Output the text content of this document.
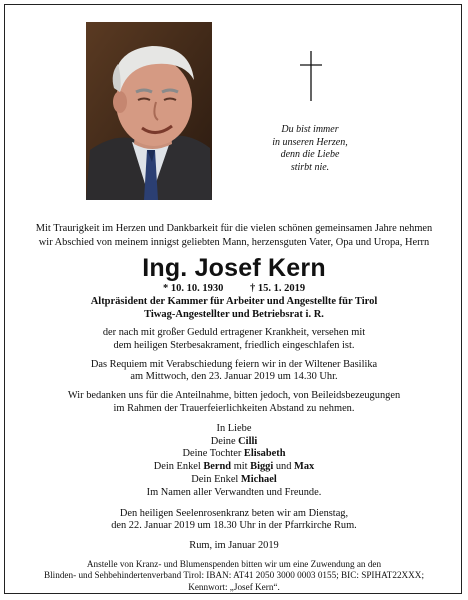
Du bist immer
in unseren Herzen,
denn die Liebe
stirbt nie.
Mit Traurigkeit im Herzen und Dankbarkeit für die vielen schönen gemeinsamen Jahre nehmen
wir Abschied von meinem innigst geliebten Mann, herzensguten Vater, Opa und Uropa, Herrn
Ing. Josef Kern
* 10. 10. 1930	† 15. 1. 2019
Altpräsident der Kammer für Arbeiter und Angestellte für Tirol
Tiwag-Angestellter und Betriebsrat i. R.
der nach mit großer Geduld ertragener Krankheit, versehen mit
dem heiligen Sterbesakrament, friedlich eingeschlafen ist.
Das Requiem mit Verabschiedung feiern wir in der Wiltener Basilika
am Mittwoch, den 23. Januar 2019 um 14.30 Uhr.
Wir bedanken uns für die Anteilnahme, bitten jedoch, von Beileidsbezeugungen
im Rahmen der Trauerfeierlichkeiten Abstand zu nehmen.
In Liebe
Deine Cilli
Deine Tochter Elisabeth
Dein Enkel Bernd mit Biggi und Max
Dein Enkel Michael
Im Namen aller Verwandten und Freunde.
Den heiligen Seelenrosenkranz beten wir am Dienstag,
den 22. Januar 2019 um 18.30 Uhr in der Pfarrkirche Rum.
Rum, im Januar 2019
Anstelle von Kranz- und Blumenspenden bitten wir um eine Zuwendung an den
Blinden- und Sehbehindertenverband Tirol: IBAN: AT41 2050 3000 0003 0155; BIC: SPIHAT22XXX;
Kennwort: „Josef Kern“.
